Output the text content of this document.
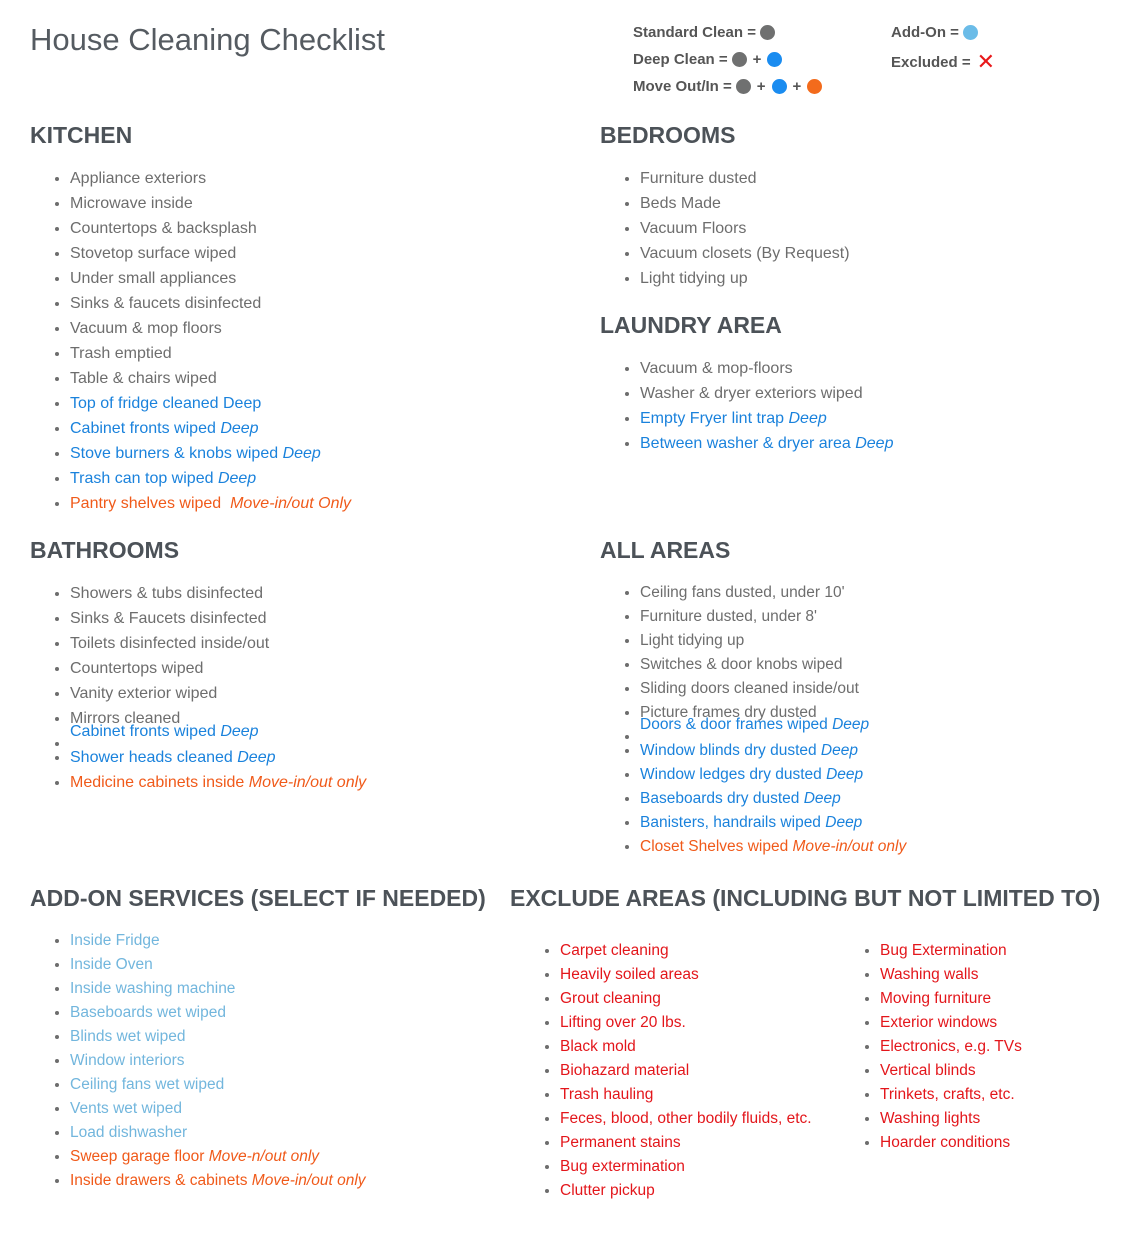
House Cleaning Checklist	Standard Clean =
Deep Clean = +
Move Out/In = + +
Add-On =
Excluded = ✕
KITCHEN
• Appliance exteriors
• Microwave inside
• Countertops & backsplash
• Stovetop surface wiped
• Under small appliances
• Sinks & faucets disinfected
• Vacuum & mop floors
• Trash emptied
• Table & chairs wiped
• Top of fridge cleaned Deep
• Cabinet fronts wiped Deep
• Stove burners & knobs wiped Deep
• Trash can top wiped Deep
• Pantry shelves wiped  Move-in/out Only
BEDROOMS
• Furniture dusted
• Beds Made
• Vacuum Floors
• Vacuum closets (By Request)
• Light tidying up
LAUNDRY AREA
• Vacuum & mop-floors
• Washer & dryer exteriors wiped
• Empty Fryer lint trap Deep
• Between washer & dryer area Deep
BATHROOMS
• Showers & tubs disinfected
• Sinks & Faucets disinfected
• Toilets disinfected inside/out
• Countertops wiped
• Vanity exterior wiped
• Mirrors cleaned
• Cabinet fronts wiped Deep
• Shower heads cleaned Deep
• Medicine cabinets inside Move-in/out only
ALL AREAS
• Ceiling fans dusted, under 10'
• Furniture dusted, under 8'
• Light tidying up
• Switches & door knobs wiped
• Sliding doors cleaned inside/out
• Picture frames dry dusted
• Doors & door frames wiped Deep
• Window blinds dry dusted Deep
• Window ledges dry dusted Deep
• Baseboards dry dusted Deep
• Banisters, handrails wiped Deep
• Closet Shelves wiped Move-in/out only
ADD-ON SERVICES (SELECT IF NEEDED)
• Inside Fridge
• Inside Oven
• Inside washing machine
• Baseboards wet wiped
• Blinds wet wiped
• Window interiors
• Ceiling fans wet wiped
• Vents wet wiped
• Load dishwasher
• Sweep garage floor Move-n/out only
• Inside drawers & cabinets Move-in/out only
EXCLUDE AREAS (INCLUDING BUT NOT LIMITED TO)
• Carpet cleaning
• Heavily soiled areas
• Grout cleaning
• Lifting over 20 lbs.
• Black mold
• Biohazard material
• Trash hauling
• Feces, blood, other bodily fluids, etc.
• Permanent stains
• Bug extermination
• Clutter pickup
• Bug Extermination
• Washing walls
• Moving furniture
• Exterior windows
• Electronics, e.g. TVs
• Vertical blinds
• Trinkets, crafts, etc.
• Washing lights
• Hoarder conditions
